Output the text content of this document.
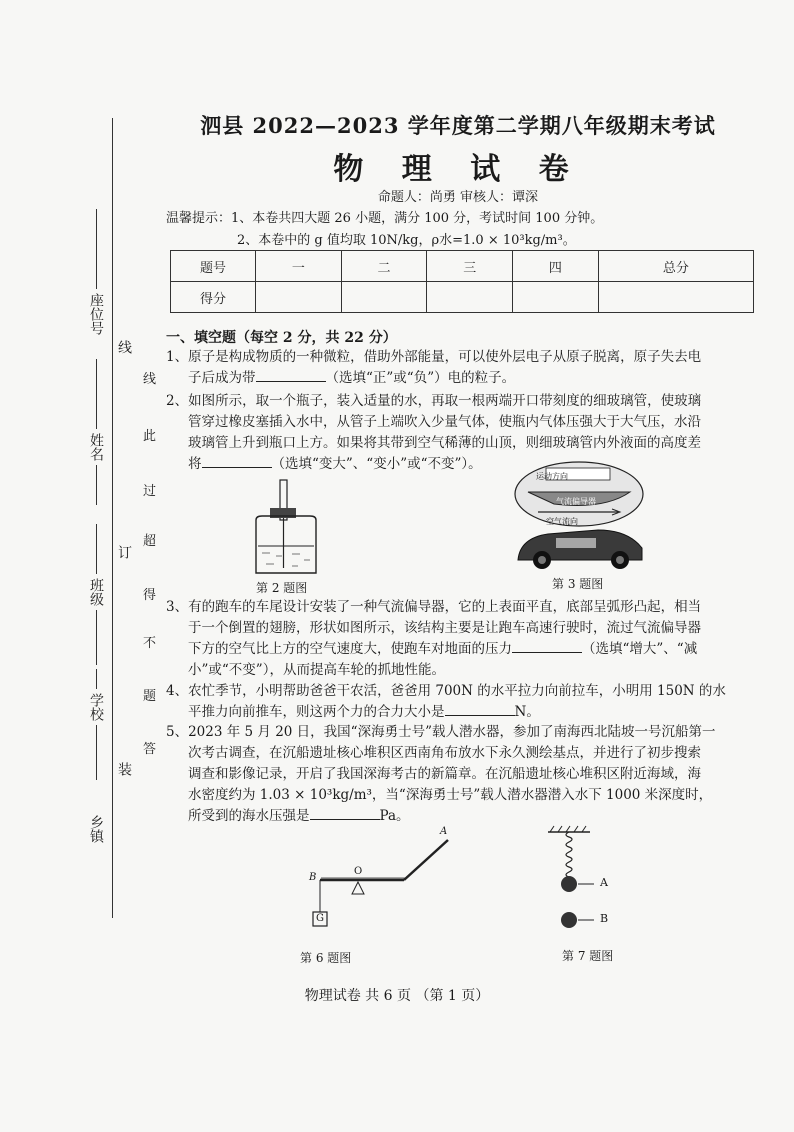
座位号
姓名
班级
学校
乡镇
线
订
装
线
此
过
超
得
不
题
答
泗县 2022—2023 学年度第二学期八年级期末考试
物 理 试 卷
命题人：尚勇 审核人：谭深
温馨提示：1、本卷共四大题 26 小题，满分 100 分，考试时间 100 分钟。
2、本卷中的 g 值均取 10N/kg，ρ水=1.0 × 10³kg/m³。
题号	一	二	三	四	总分
得分					
一、填空题（每空 2 分，共 22 分）
1、原子是构成物质的一种微粒，借助外部能量，可以使外层电子从原子脱离，原子失去电
子后成为带	（选填“正”或“负”）电的粒子。
2、如图所示，取一个瓶子，装入适量的水，再取一根两端开口带刻度的细玻璃管，使玻璃
管穿过橡皮塞插入水中，从管子上端吹入少量气体，使瓶内气体压强大于大气压，水沿
玻璃管上升到瓶口上方。如果将其带到空气稀薄的山顶，则细玻璃管内外液面的高度差
将	（选填“变大”、“变小”或“不变”）。
第 2 题图
运动方向
气流偏导器
空气流向
第 3 题图
3、有的跑车的车尾设计安装了一种气流偏导器，它的上表面平直，底部呈弧形凸起，相当
于一个倒置的翅膀，形状如图所示，该结构主要是让跑车高速行驶时，流过气流偏导器
下方的空气比上方的空气速度大，使跑车对地面的压力	（选填“增大”、“减
小”或“不变”），从而提高车轮的抓地性能。
4、农忙季节，小明帮助爸爸干农活，爸爸用 700N 的水平拉力向前拉车，小明用 150N 的水
平推力向前推车，则这两个力的合力大小是	N。
5、2023 年 5 月 20 日，我国“深海勇士号”载人潜水器，参加了南海西北陆坡一号沉船第一
次考古调查，在沉船遗址核心堆积区西南角布放水下永久测绘基点，并进行了初步搜索
调查和影像记录，开启了我国深海考古的新篇章。在沉船遗址核心堆积区附近海域，海
水密度约为 1.03 × 10³kg/m³，当“深海勇士号”载人潜水器潜入水下 1000 米深度时，
所受到的海水压强是	Pa。
B
A
O
G
第 6 题图
A
B
第 7 题图
物理试卷 共 6 页 （第 1 页）
